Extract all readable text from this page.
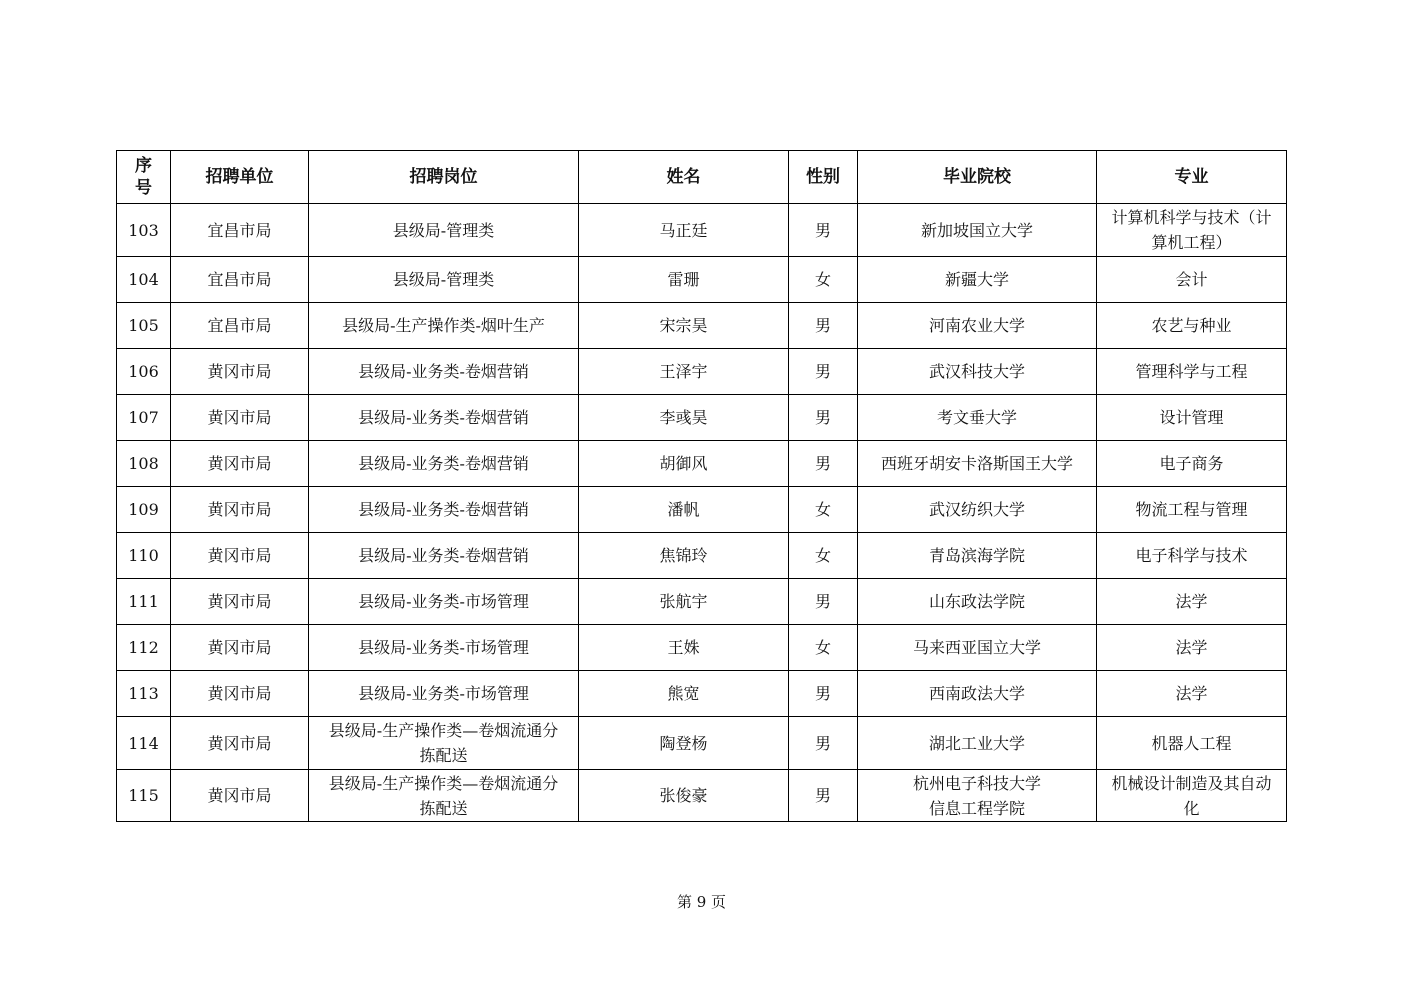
序号	招聘单位	招聘岗位	姓名	性别	毕业院校	专业
103	宜昌市局	县级局-管理类	马正廷	男	新加坡国立大学	计算机科学与技术（计算机工程）
104	宜昌市局	县级局-管理类	雷珊	女	新疆大学	会计
105	宜昌市局	县级局-生产操作类-烟叶生产	宋宗昊	男	河南农业大学	农艺与种业
106	黄冈市局	县级局-业务类-卷烟营销	王泽宇	男	武汉科技大学	管理科学与工程
107	黄冈市局	县级局-业务类-卷烟营销	李彧昊	男	考文垂大学	设计管理
108	黄冈市局	县级局-业务类-卷烟营销	胡御风	男	西班牙胡安卡洛斯国王大学	电子商务
109	黄冈市局	县级局-业务类-卷烟营销	潘帆	女	武汉纺织大学	物流工程与管理
110	黄冈市局	县级局-业务类-卷烟营销	焦锦玲	女	青岛滨海学院	电子科学与技术
111	黄冈市局	县级局-业务类-市场管理	张航宇	男	山东政法学院	法学
112	黄冈市局	县级局-业务类-市场管理	王姝	女	马来西亚国立大学	法学
113	黄冈市局	县级局-业务类-市场管理	熊宽	男	西南政法大学	法学
114	黄冈市局	县级局-生产操作类—卷烟流通分拣配送	陶登杨	男	湖北工业大学	机器人工程
115	黄冈市局	县级局-生产操作类—卷烟流通分拣配送	张俊豪	男	杭州电子科技大学信息工程学院	机械设计制造及其自动化
第 9 页
